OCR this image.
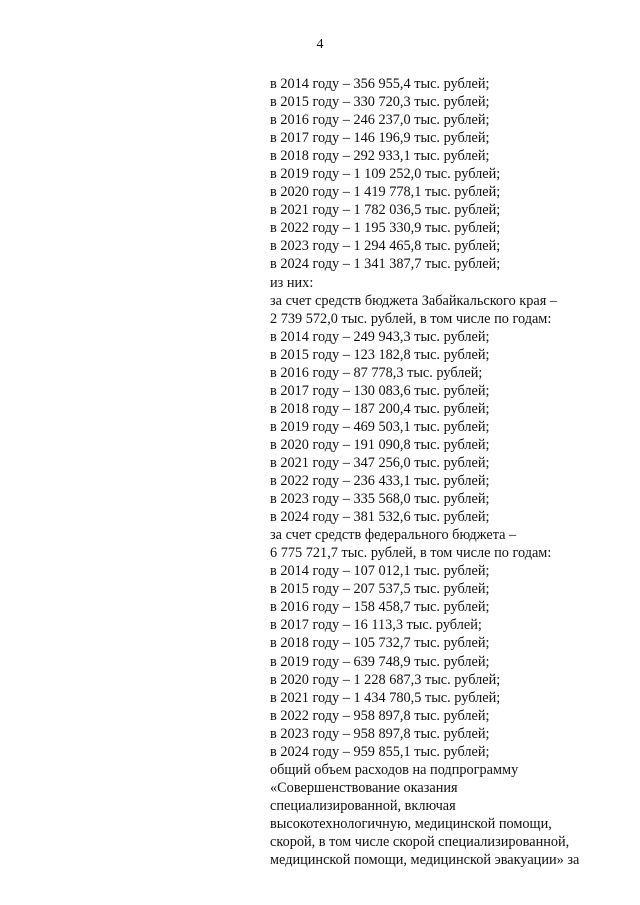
4
в 2014 году – 356 955,4 тыс. рублей;
в 2015 году – 330 720,3 тыс. рублей;
в 2016 году – 246 237,0 тыс. рублей;
в 2017 году – 146 196,9 тыс. рублей;
в 2018 году – 292 933,1 тыс. рублей;
в 2019 году – 1 109 252,0 тыс. рублей;
в 2020 году – 1 419 778,1 тыс. рублей;
в 2021 году – 1 782 036,5 тыс. рублей;
в 2022 году – 1 195 330,9 тыс. рублей;
в 2023 году – 1 294 465,8 тыс. рублей;
в 2024 году – 1 341 387,7 тыс. рублей;
из них:
за счет средств бюджета Забайкальского края –
2 739 572,0 тыс. рублей, в том числе по годам:
в 2014 году – 249 943,3 тыс. рублей;
в 2015 году – 123 182,8 тыс. рублей;
в 2016 году – 87 778,3 тыс. рублей;
в 2017 году – 130 083,6 тыс. рублей;
в 2018 году – 187 200,4 тыс. рублей;
в 2019 году – 469 503,1 тыс. рублей;
в 2020 году – 191 090,8 тыс. рублей;
в 2021 году – 347 256,0 тыс. рублей;
в 2022 году – 236 433,1 тыс. рублей;
в 2023 году – 335 568,0 тыс. рублей;
в 2024 году – 381 532,6 тыс. рублей;
за счет средств федерального бюджета –
6 775 721,7 тыс. рублей, в том числе по годам:
в 2014 году – 107 012,1 тыс. рублей;
в 2015 году – 207 537,5 тыс. рублей;
в 2016 году – 158 458,7 тыс. рублей;
в 2017 году – 16 113,3 тыс. рублей;
в 2018 году – 105 732,7 тыс. рублей;
в 2019 году – 639 748,9 тыс. рублей;
в 2020 году – 1 228 687,3 тыс. рублей;
в 2021 году – 1 434 780,5 тыс. рублей;
в 2022 году – 958 897,8 тыс. рублей;
в 2023 году – 958 897,8 тыс. рублей;
в 2024 году – 959 855,1 тыс. рублей;
общий объем расходов на подпрограмму
«Совершенствование оказания
специализированной, включая
высокотехнологичную, медицинской помощи,
скорой, в том числе скорой специализированной,
медицинской помощи, медицинской эвакуации» за
